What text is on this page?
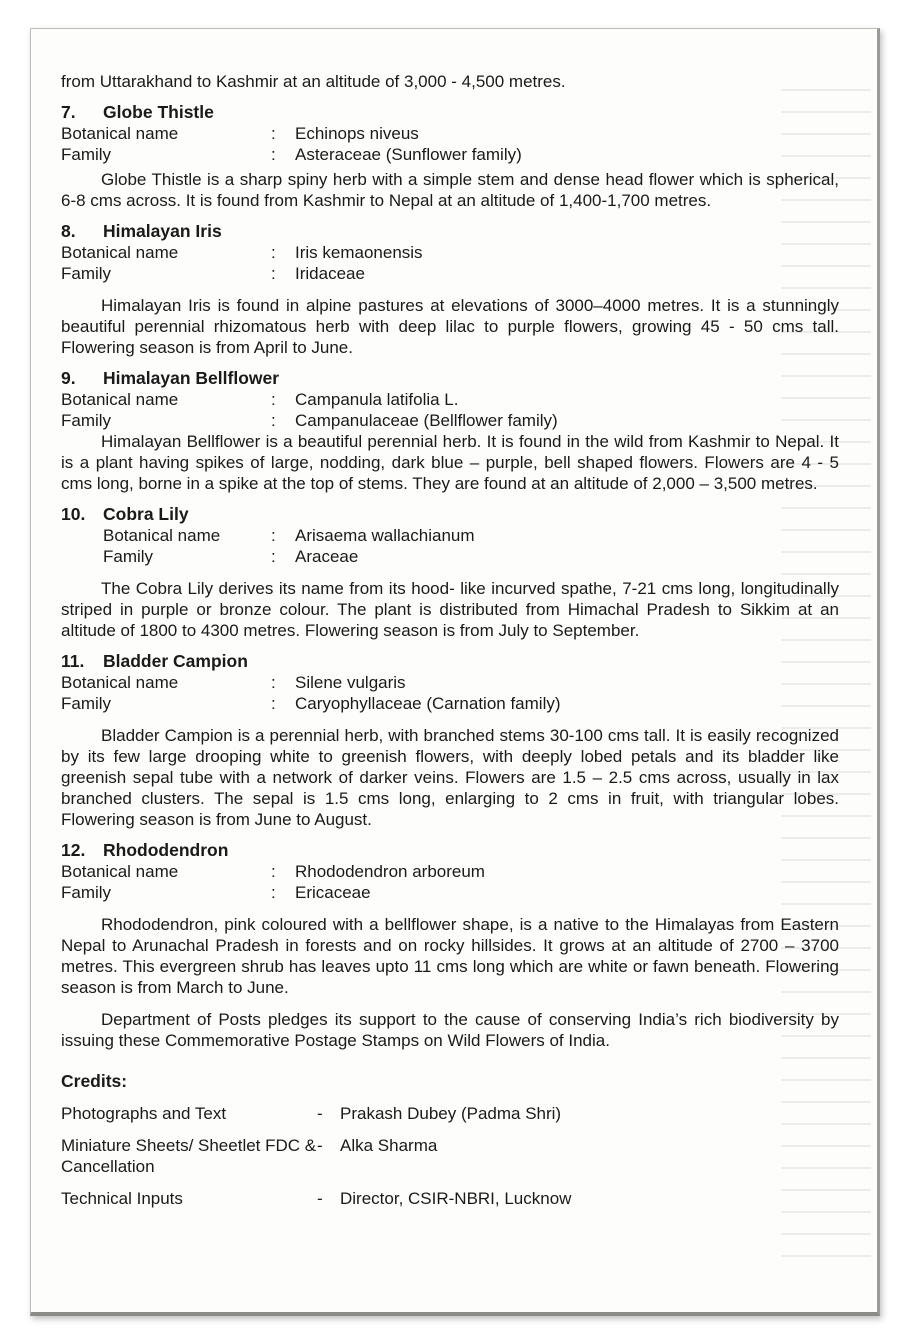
from Uttarakhand to Kashmir at an altitude of 3,000 - 4,500 metres.

7. Globe Thistle

Botanical name	:	Echinops niveus
Family	:	Asteraceae (Sunflower family)

Globe Thistle is a sharp spiny herb with a simple stem and dense head flower which is spherical, 6-8 cms across. It is found from Kashmir to Nepal at an altitude of 1,400-1,700 metres.

8. Himalayan Iris

Botanical name	:	Iris kemaonensis
Family	:	Iridaceae

Himalayan Iris is found in alpine pastures at elevations of 3000–4000 metres. It is a stunningly beautiful perennial rhizomatous herb with deep lilac to purple flowers, growing 45 - 50 cms tall. Flowering season is from April to June.

9. Himalayan Bellflower

Botanical name	:	Campanula latifolia L.
Family	:	Campanulaceae (Bellflower family)

Himalayan Bellflower is a beautiful perennial herb. It is found in the wild from Kashmir to Nepal. It is a plant having spikes of large, nodding, dark blue – purple, bell shaped flowers. Flowers are 4 - 5 cms long, borne in a spike at the top of stems. They are found at an altitude of 2,000 – 3,500 metres.

10. Cobra Lily

Botanical name	:	Arisaema wallachianum
Family	:	Araceae

The Cobra Lily derives its name from its hood- like incurved spathe, 7-21 cms long, longitudinally striped in purple or bronze colour. The plant is distributed from Himachal Pradesh to Sikkim at an altitude of 1800 to 4300 metres. Flowering season is from July to September.

11. Bladder Campion

Botanical name	:	Silene vulgaris
Family	:	Caryophyllaceae (Carnation family)

Bladder Campion is a perennial herb, with branched stems 30-100 cms tall. It is easily recognized by its few large drooping white to greenish flowers, with deeply lobed petals and its bladder like greenish sepal tube with a network of darker veins. Flowers are 1.5 – 2.5 cms across, usually in lax branched clusters. The sepal is 1.5 cms long, enlarging to 2 cms in fruit, with triangular lobes. Flowering season is from June to August.

12. Rhododendron

Botanical name	:	Rhododendron arboreum
Family	:	Ericaceae

Rhododendron, pink coloured with a bellflower shape, is a native to the Himalayas from Eastern Nepal to Arunachal Pradesh in forests and on rocky hillsides. It grows at an altitude of 2700 – 3700 metres. This evergreen shrub has leaves upto 11 cms long which are white or fawn beneath. Flowering season is from March to June.

Department of Posts pledges its support to the cause of conserving India’s rich biodiversity by issuing these Commemorative Postage Stamps on Wild Flowers of India.

Credits:

Photographs and Text	-	Prakash Dubey (Padma Shri)
Miniature Sheets/ Sheetlet FDC & Cancellation
-	Alka Sharma
Technical Inputs	-	Director, CSIR-NBRI, Lucknow
